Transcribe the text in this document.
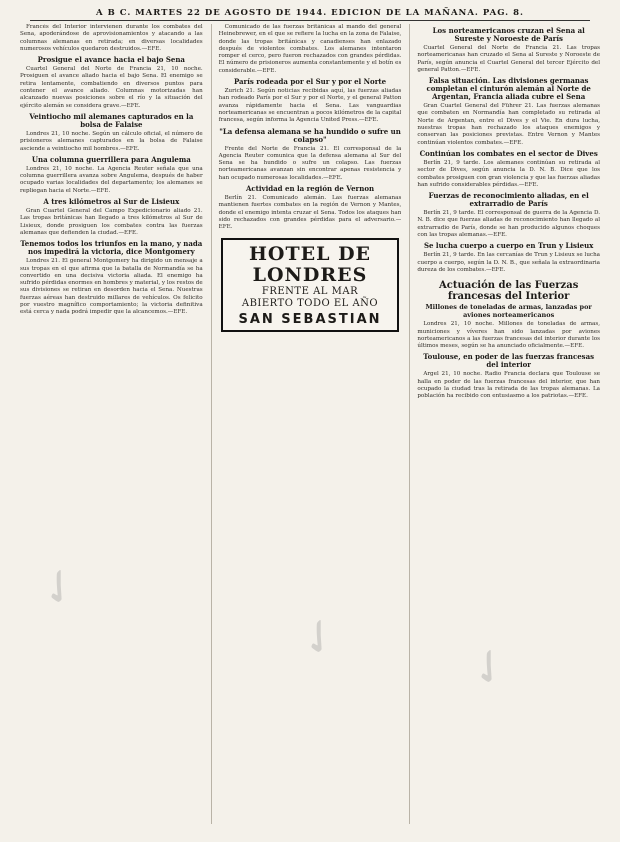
A B C. MARTES 22 DE AGOSTO DE 1944. EDICION DE LA MAÑANA. PAG. 8.

Francés del Interior intervienen durante los combates del Sena, apoderándose de aprovisionamientos y atacando a las columnas alemanas en retirada; en diversas localidades numerosos vehículos quedaron destruidos.—EFE.

Prosigue el avance hacia el bajo Sena

Cuartel General del Norte de Francia 21, 10 noche. Prosiguen el avance aliado hacia el bajo Sena. El enemigo se retira lentamente, combatiendo en diversos puntos para contener el avance aliado. Columnas motorizadas han alcanzado nuevas posiciones sobre el río y la situación del ejército alemán se considera grave.—EFE.

Veintiocho mil alemanes capturados en la bolsa de Falaise

Londres 21, 10 noche. Según un cálculo oficial, el número de prisioneros alemanes capturados en la bolsa de Falaise asciende a veintiocho mil hombres.—EFE.

Una columna guerrillera para Angulema

Londres 21, 10 noche. La Agencia Reuter señala que una columna guerrillera avanza sobre Angulema, después de haber ocupado varias localidades del departamento; los alemanes se repliegan hacia el Norte.—EFE.

A tres kilómetros al Sur de Lisieux

Gran Cuartel General del Campo Expedicionario aliado 21. Las tropas británicas han llegado a tres kilómetros al Sur de Lisieux, donde prosiguen los combates contra las fuerzas alemanas que defienden la ciudad.—EFE.

Tenemos todos los triunfos en la mano, y nada nos impedirá la victoria, dice Montgomery

Londres 21. El general Montgomery ha dirigido un mensaje a sus tropas en el que afirma que la batalla de Normandía se ha convertido en una decisiva victoria aliada. El enemigo ha sufrido pérdidas enormes en hombres y material, y los restos de sus divisiones se retiran en desorden hacia el Sena. Nuestras fuerzas aéreas han destruido millares de vehículos. Os felicito por vuestro magnífico comportamiento; la victoria definitiva está cerca y nada podrá impedir que la alcancemos.—EFE.

Comunicado de las fuerzas británicas al mando del general Heinebrewer, en el que se refiere la lucha en la zona de Falaise, donde las tropas británicas y canadienses han enlazado después de violentos combates. Los alemanes intentaron romper el cerco, pero fueron rechazados con grandes pérdidas. El número de prisioneros aumenta constantemente y el botín es considerable.—EFE.

París rodeada por el Sur y por el Norte

Zurich 21. Según noticias recibidas aquí, las fuerzas aliadas han rodeado París por el Sur y por el Norte, y el general Patton avanza rápidamente hacia el Sena. Las vanguardias norteamericanas se encuentran a pocos kilómetros de la capital francesa, según informa la Agencia United Press.—EFE.

"La defensa alemana se ha hundido o sufre un colapso"

Frente del Norte de Francia 21. El corresponsal de la Agencia Reuter comunica que la defensa alemana al Sur del Sena se ha hundido o sufre un colapso. Las fuerzas norteamericanas avanzan sin encontrar apenas resistencia y han ocupado numerosas localidades.—EFE.

Actividad en la región de Vernon

Berlín 21. Comunicado alemán. Las fuerzas alemanas mantienen fuertes combates en la región de Vernon y Mantes, donde el enemigo intenta cruzar el Sena. Todos los ataques han sido rechazados con grandes pérdidas para el adversario.—EFE.

HOTEL DE LONDRES
FRENTE AL MAR
ABIERTO TODO EL AÑO
SAN SEBASTIAN
Los norteamericanos cruzan el Sena al Sureste y Noroeste de París

Cuartel General del Norte de Francia 21. Las tropas norteamericanas han cruzado el Sena al Sureste y Noroeste de París, según anuncia el Cuartel General del tercer Ejército del general Patton.—EFE.

Falsa situación. Las divisiones germanas completan el cinturón alemán al Norte de Argentan, Francia aliada cubre el Sena

Gran Cuartel General del Führer 21. Las fuerzas alemanas que combaten en Normandía han completado su retirada al Norte de Argentan, entre el Dives y el Vie. En dura lucha, nuestras tropas han rechazado los ataques enemigos y conservan las posiciones previstas. Entre Vernon y Mantes continúan violentos combates.—EFE.

Continúan los combates en el sector de Dives

Berlín 21, 9 tarde. Los alemanes continúan su retirada al sector de Dives, según anuncia la D. N. B. Dice que los combates prosiguen con gran violencia y que las fuerzas aliadas han sufrido considerables pérdidas.—EFE.

Fuerzas de reconocimiento aliadas, en el extrarradio de París

Berlín 21, 9 tarde. El corresponsal de guerra de la Agencia D. N. B. dice que fuerzas aliadas de reconocimiento han llegado al extrarradio de París, donde se han producido algunos choques con las tropas alemanas.—EFE.

Se lucha cuerpo a cuerpo en Trun y Lisieux

Berlín 21, 9 tarde. En las cercanías de Trun y Lisieux se lucha cuerpo a cuerpo, según la D. N. B., que señala la extraordinaria dureza de los combates.—EFE.

Actuación de las Fuerzas francesas del Interior
Millones de toneladas de armas, lanzadas por aviones norteamericanos

Londres 21, 10 noche. Millones de toneladas de armas, municiones y víveres han sido lanzadas por aviones norteamericanos a las fuerzas francesas del interior durante los últimos meses, según se ha anunciado oficialmente.—EFE.

Toulouse, en poder de las fuerzas francesas del interior

Argel 21, 10 noche. Radio Francia declara que Toulouse se halla en poder de las fuerzas francesas del interior, que han ocupado la ciudad tras la retirada de las tropas alemanas. La población ha recibido con entusiasmo a los patriotas.—EFE.

✓
✓ ✓
